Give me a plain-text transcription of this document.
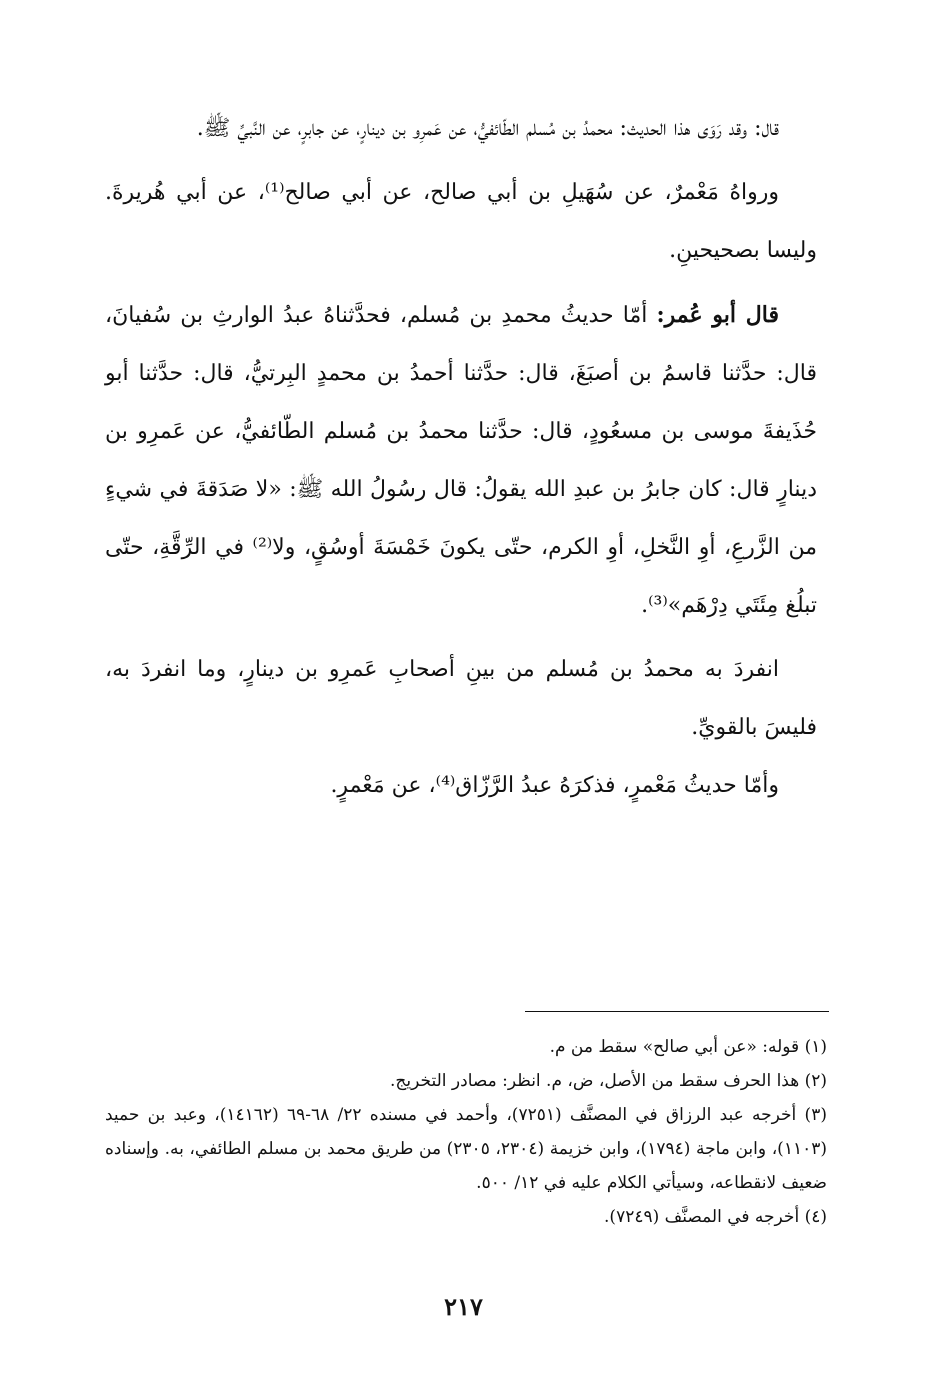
قال: وقد رَوَى هذا الحديث: محمدُ بن مُسلم الطّائفيُّ، عن عَمرِو بن دينارٍ، عن جابرٍ، عن النَّبيِّ ﷺ.

ورواهُ مَعْمرٌ، عن سُهَيلِ بن أبي صالح، عن أبي صالح⁽¹⁾، عن أبي هُريرةَ. وليسا بصحيحينِ.

قال أبو عُمر: أمّا حديثُ محمدِ بن مُسلم، فحدَّثناهُ عبدُ الوارثِ بن سُفيانَ، قال: حدَّثنا قاسمُ بن أصبَغَ، قال: حدَّثنا أحمدُ بن محمدٍ البِرتيُّ، قال: حدَّثنا أبو حُذَيفةَ موسى بن مسعُودٍ، قال: حدَّثنا محمدُ بن مُسلم الطّائفيُّ، عن عَمرِو بن دينارٍ قال: كان جابرُ بن عبدِ الله يقولُ: قال رسُولُ الله ﷺ: «لا صَدَقةَ في شيءٍ من الزَّرعِ، أوِ النَّخلِ، أوِ الكرم، حتّى يكونَ خَمْسَةَ أوسُقٍ، ولا⁽²⁾ في الرِّقَّةِ، حتّى تبلُغ مِئَتَي دِرْهَم»⁽³⁾.

انفردَ به محمدُ بن مُسلم من بينِ أصحابِ عَمرِو بن دينارٍ، وما انفردَ به، فليسَ بالقويِّ.

وأمّا حديثُ مَعْمرٍ، فذكرَهُ عبدُ الرَّزّاق⁽⁴⁾، عن مَعْمرٍ.

(١) قوله: «عن أبي صالح» سقط من م.

(٢) هذا الحرف سقط من الأصل، ض، م. انظر: مصادر التخريج.

(٣) أخرجه عبد الرزاق في المصنَّف (٧٢٥١)، وأحمد في مسنده ٢٢/ ٦٨-٦٩ (١٤١٦٢)، وعبد بن حميد (١١٠٣)، وابن ماجة (١٧٩٤)، وابن خزيمة (٢٣٠٤، ٢٣٠٥) من طريق محمد بن مسلم الطائفي، به. وإسناده ضعيف لانقطاعه، وسيأتي الكلام عليه في ١٢/ ٥٠٠.

(٤) أخرجه في المصنَّف (٧٢٤٩).

٢١٧
